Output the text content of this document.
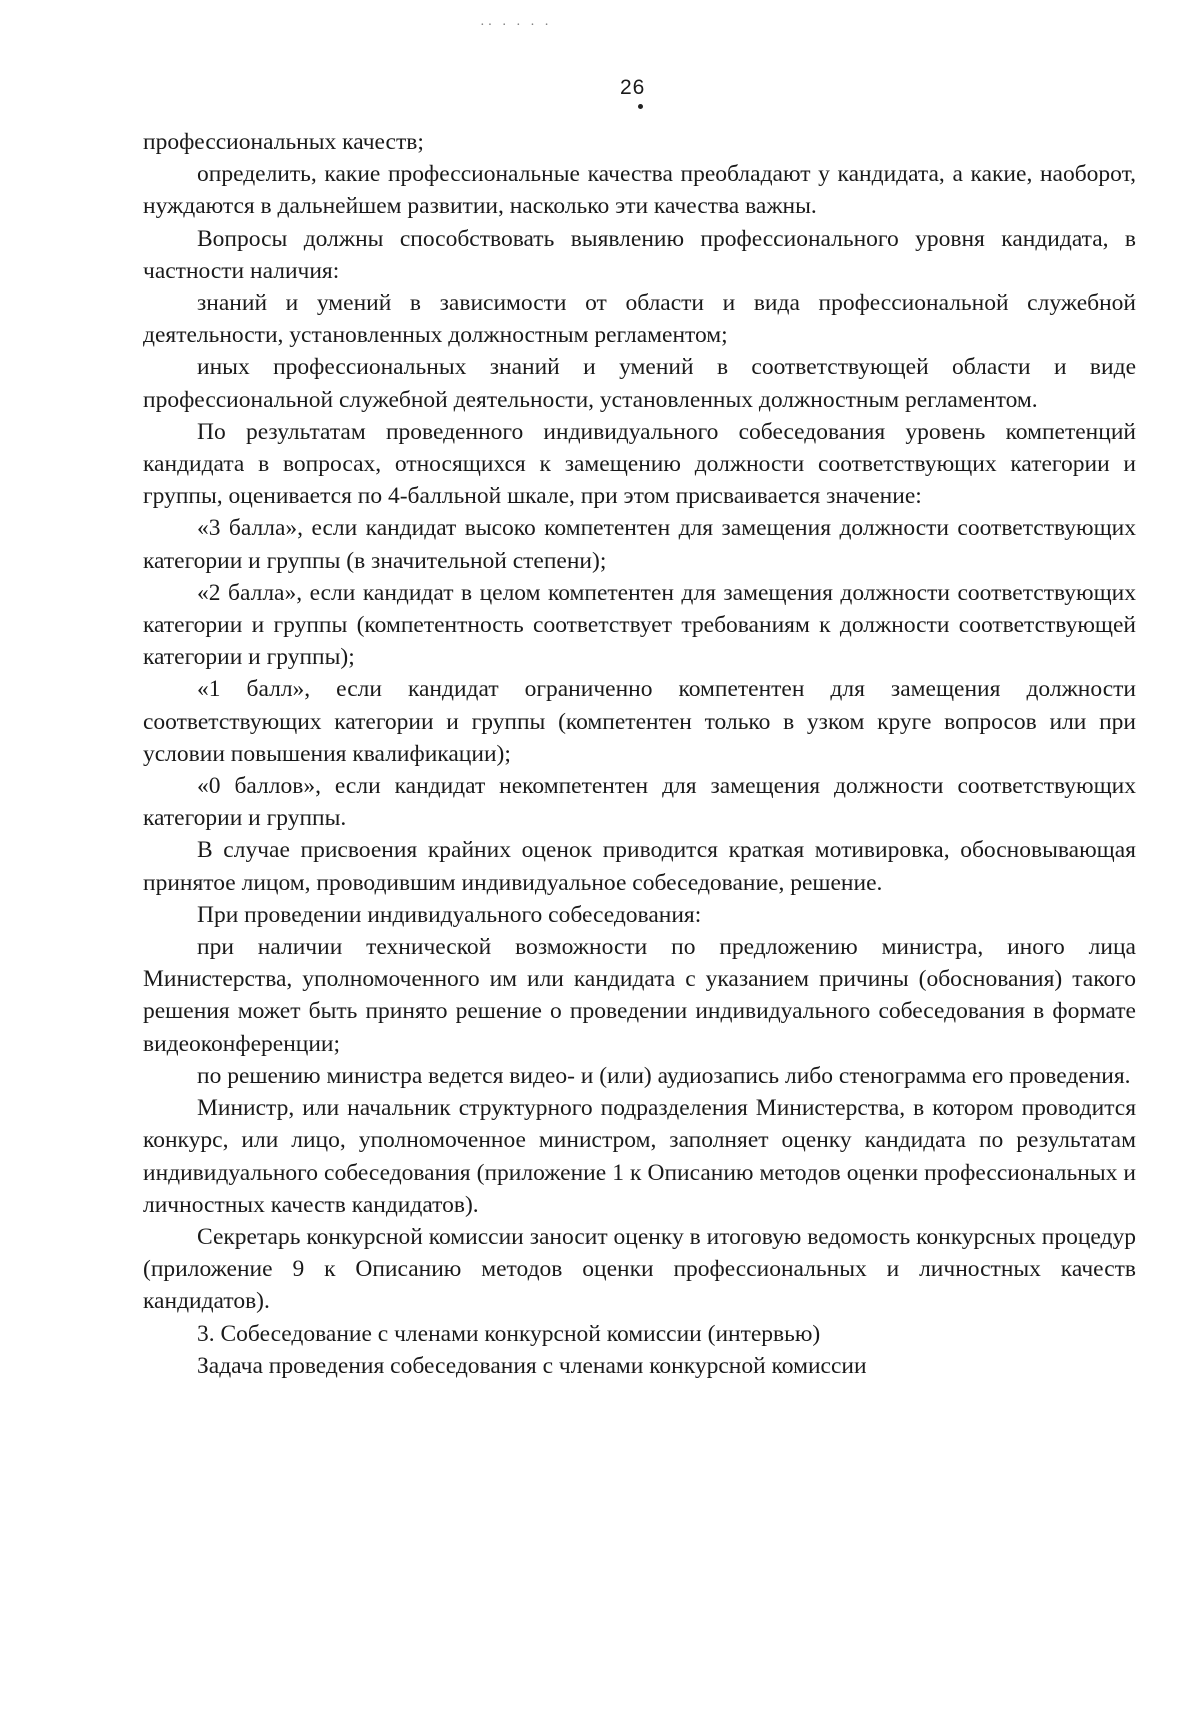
·· · · · ·
26

профессиональных качеств;

определить, какие профессиональные качества преобладают у кандидата, а какие, наоборот, нуждаются в дальнейшем развитии, насколько эти качества важны.

Вопросы должны способствовать выявлению профессионального уровня кандидата, в частности наличия:

знаний и умений в зависимости от области и вида профессиональной служебной деятельности, установленных должностным регламентом;

иных профессиональных знаний и умений в соответствующей области и виде профессиональной служебной деятельности, установленных должностным регламентом.

По результатам проведенного индивидуального собеседования уровень компетенций кандидата в вопросах, относящихся к замещению должности соответствующих категории и группы, оценивается по 4-балльной шкале, при этом присваивается значение:

«3 балла», если кандидат высоко компетентен для замещения должности соответствующих категории и группы (в значительной степени);

«2 балла», если кандидат в целом компетентен для замещения должности соответствующих категории и группы (компетентность соответствует требованиям к должности соответствующей категории и группы);

«1 балл», если кандидат ограниченно компетентен для замещения должности соответствующих категории и группы (компетентен только в узком круге вопросов или при условии повышения квалификации);

«0 баллов», если кандидат некомпетентен для замещения должности соответствующих категории и группы.

В случае присвоения крайних оценок приводится краткая мотивировка, обосновывающая принятое лицом, проводившим индивидуальное собеседование, решение.

При проведении индивидуального собеседования:

при наличии технической возможности по предложению министра, иного лица Министерства, уполномоченного им или кандидата с указанием причины (обоснования) такого решения может быть принято решение о проведении индивидуального собеседования в формате видеоконференции;

по решению министра ведется видео- и (или) аудиозапись либо стенограмма его проведения.

Министр, или начальник структурного подразделения Министерства, в котором проводится конкурс, или лицо, уполномоченное министром, заполняет оценку кандидата по результатам индивидуального собеседования (приложение 1 к Описанию методов оценки профессиональных и личностных качеств кандидатов).

Секретарь конкурсной комиссии заносит оценку в итоговую ведомость конкурсных процедур (приложение 9 к Описанию методов оценки профессиональных и личностных качеств кандидатов).

3. Собеседование с членами конкурсной комиссии (интервью)

Задача проведения собеседования с членами конкурсной комиссии
